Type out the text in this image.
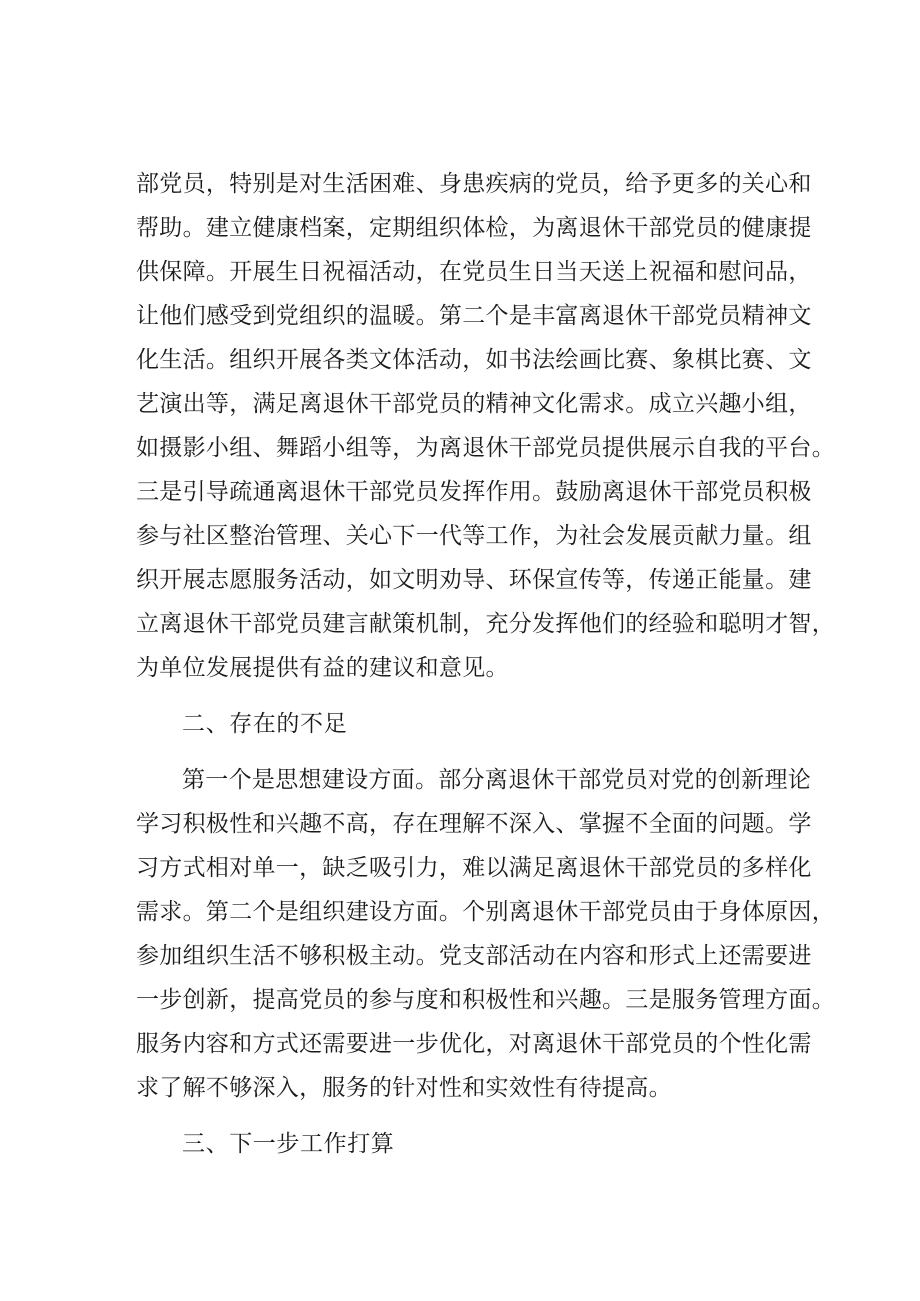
部党员，特别是对生活困难、身患疾病的党员，给予更多的关心和
帮助。建立健康档案，定期组织体检，为离退休干部党员的健康提
供保障。开展生日祝福活动，在党员生日当天送上祝福和慰问品，
让他们感受到党组织的温暖。第二个是丰富离退休干部党员精神文
化生活。组织开展各类文体活动，如书法绘画比赛、象棋比赛、文
艺演出等，满足离退休干部党员的精神文化需求。成立兴趣小组，
如摄影小组、舞蹈小组等，为离退休干部党员提供展示自我的平台。
三是引导疏通离退休干部党员发挥作用。鼓励离退休干部党员积极
参与社区整治管理、关心下一代等工作，为社会发展贡献力量。组
织开展志愿服务活动，如文明劝导、环保宣传等，传递正能量。建
立离退休干部党员建言献策机制，充分发挥他们的经验和聪明才智，
为单位发展提供有益的建议和意见。
二、存在的不足
第一个是思想建设方面。部分离退休干部党员对党的创新理论
学习积极性和兴趣不高，存在理解不深入、掌握不全面的问题。学
习方式相对单一，缺乏吸引力，难以满足离退休干部党员的多样化
需求。第二个是组织建设方面。个别离退休干部党员由于身体原因，
参加组织生活不够积极主动。党支部活动在内容和形式上还需要进
一步创新，提高党员的参与度和积极性和兴趣。三是服务管理方面。
服务内容和方式还需要进一步优化，对离退休干部党员的个性化需
求了解不够深入，服务的针对性和实效性有待提高。
三、下一步工作打算
